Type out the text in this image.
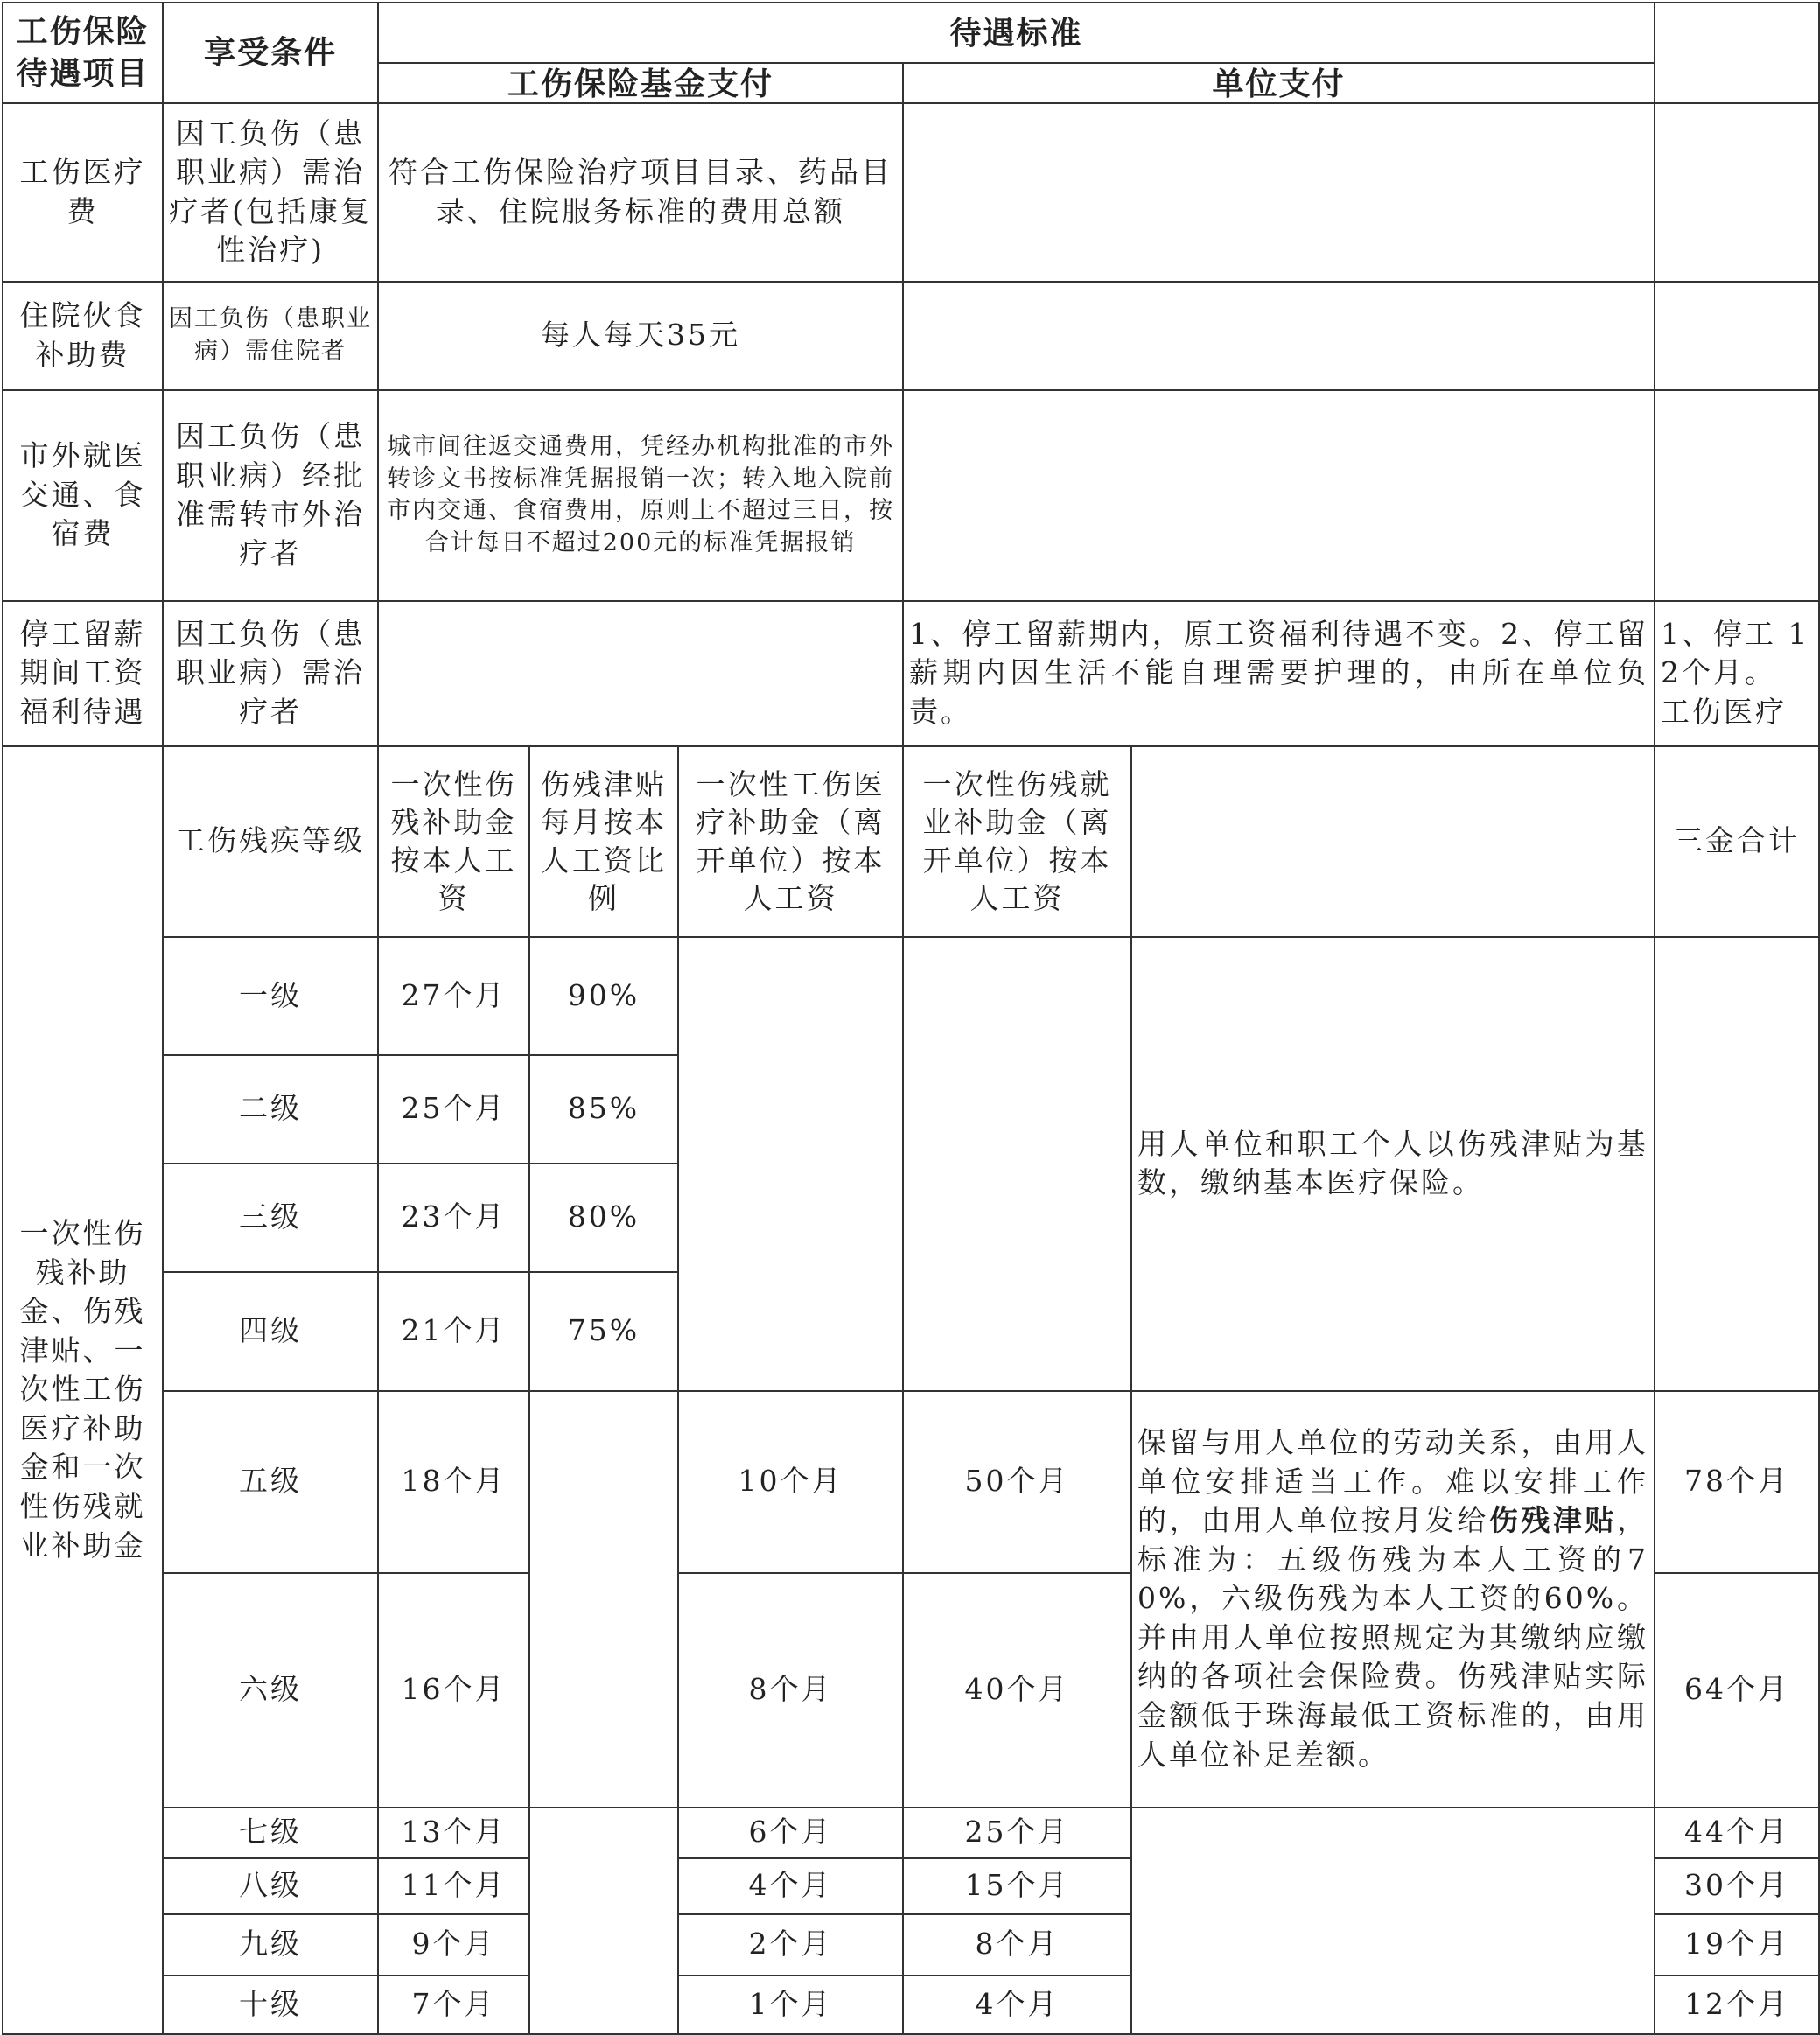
工伤保险待遇项目	享受条件	待遇标准					
		工伤保险基金支付			单位支付		
工伤医疗费	因工负伤（患职业病）需治疗者(包括康复性治疗)	符合工伤保险治疗项目目录、药品目录、住院服务标准的费用总额					
住院伙食补助费	因工负伤（患职业病）需住院者	每人每天35元					
市外就医交通、食宿费	因工负伤（患职业病）经批准需转市外治疗者	城市间往返交通费用，凭经办机构批准的市外转诊文书按标准凭据报销一次；转入地入院前市内交通、食宿费用，原则上不超过三日，按合计每日不超过200元的标准凭据报销					
停工留薪期间工资福利待遇	因工负伤（患职业病）需治疗者				1、停工留薪期内，原工资福利待遇不变。2、停工留薪期内因生活不能自理需要护理的，由所在单位负责。		1、停工 12个月。 工伤医疗
一次性伤残补助金、伤残津贴、一次性工伤医疗补助金和一次性伤残就业补助金	工伤残疾等级	一次性伤残补助金按本人工资	伤残津贴每月按本人工资比例	一次性工伤医疗补助金（离开单位）按本人工资	一次性伤残就业补助金（离开单位）按本人工资		三金合计
	一级	27个月	90%			用人单位和职工个人以伤残津贴为基数，缴纳基本医疗保险。	
	二级	25个月	85%				
	三级	23个月	80%				
	四级	21个月	75%				
	五级	18个月		10个月	50个月	保留与用人单位的劳动关系，由用人单位安排适当工作。难以安排工作的，由用人单位按月发给伤残津贴，标准为：五级伤残为本人工资的70%，六级伤残为本人工资的60%。并由用人单位按照规定为其缴纳应缴纳的各项社会保险费。伤残津贴实际金额低于珠海最低工资标准的，由用人单位补足差额。	78个月
	六级	16个月		8个月	40个月		64个月
	七级	13个月		6个月	25个月		44个月
	八级	11个月		4个月	15个月		30个月
	九级	9个月		2个月	8个月		19个月
	十级	7个月		1个月	4个月		12个月
